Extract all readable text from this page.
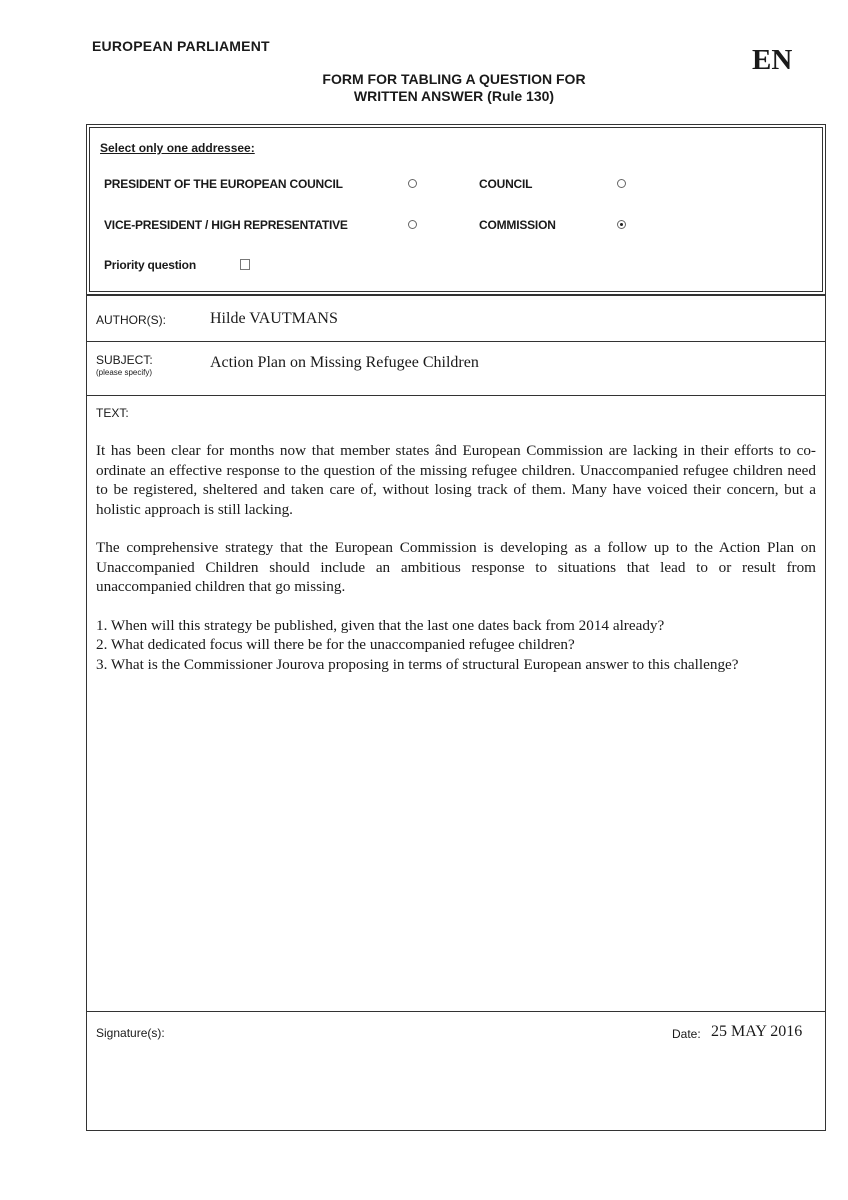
EUROPEAN PARLIAMENT	EN
FORM FOR TABLING A QUESTION FOR
WRITTEN ANSWER (Rule 130)
Select only one addressee:
PRESIDENT OF THE EUROPEAN COUNCIL	COUNCIL
VICE-PRESIDENT / HIGH REPRESENTATIVE	COMMISSION
Priority question
AUTHOR(S):	Hilde VAUTMANS
SUBJECT:
(please specify)
Action Plan on Missing Refugee Children
TEXT:

It has been clear for months now that member states ând European Commission are lacking in their efforts to co-ordinate an effective response to the question of the missing refugee children. Unaccompanied refugee children need to be registered, sheltered and taken care of, without losing track of them. Many have voiced their concern, but a holistic approach is still lacking.

The comprehensive strategy that the European Commission is developing as a follow up to the Action Plan on Unaccompanied Children should include an ambitious response to situations that lead to or result from unaccompanied children that go missing.

1. When will this strategy be published, given that the last one dates back from 2014 already?
2. What dedicated focus will there be for the unaccompanied refugee children?
3. What is the Commissioner Jourova proposing in terms of structural European answer to this challenge?
Signature(s):	Date: 25 MAY 2016
